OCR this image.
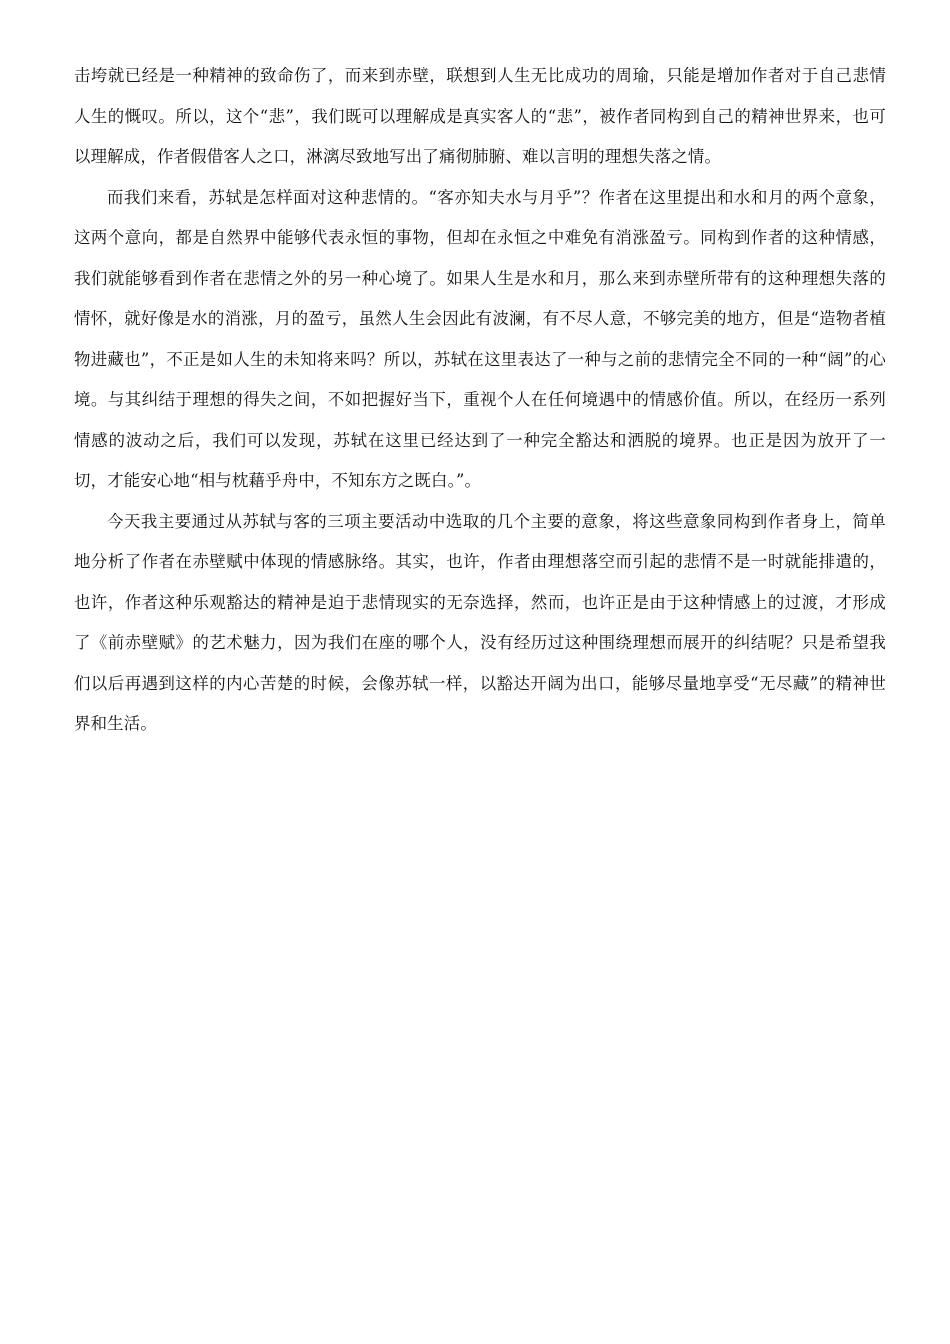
击垮就已经是一种精神的致命伤了，而来到赤壁，联想到人生无比成功的周瑜，只能是增加作者对于自己悲情人生的慨叹。所以，这个“悲”，我们既可以理解成是真实客人的“悲”，被作者同构到自己的精神世界来，也可以理解成，作者假借客人之口，淋漓尽致地写出了痛彻肺腑、难以言明的理想失落之情。

而我们来看，苏轼是怎样面对这种悲情的。“客亦知夫水与月乎”？作者在这里提出和水和月的两个意象，这两个意向，都是自然界中能够代表永恒的事物，但却在永恒之中难免有消涨盈亏。同构到作者的这种情感，我们就能够看到作者在悲情之外的另一种心境了。如果人生是水和月，那么来到赤壁所带有的这种理想失落的情怀，就好像是水的消涨，月的盈亏，虽然人生会因此有波澜，有不尽人意，不够完美的地方，但是“造物者植物进藏也”，不正是如人生的未知将来吗？所以，苏轼在这里表达了一种与之前的悲情完全不同的一种“阔”的心境。与其纠结于理想的得失之间，不如把握好当下，重视个人在任何境遇中的情感价值。所以，在经历一系列情感的波动之后，我们可以发现，苏轼在这里已经达到了一种完全豁达和洒脱的境界。也正是因为放开了一切，才能安心地“相与枕藉乎舟中，不知东方之既白。”。

今天我主要通过从苏轼与客的三项主要活动中选取的几个主要的意象，将这些意象同构到作者身上，简单地分析了作者在赤壁赋中体现的情感脉络。其实，也许，作者由理想落空而引起的悲情不是一时就能排遣的，也许，作者这种乐观豁达的精神是迫于悲情现实的无奈选择，然而，也许正是由于这种情感上的过渡，才形成了《前赤壁赋》的艺术魅力，因为我们在座的哪个人，没有经历过这种围绕理想而展开的纠结呢？只是希望我们以后再遇到这样的内心苦楚的时候，会像苏轼一样，以豁达开阔为出口，能够尽量地享受“无尽藏”的精神世界和生活。
